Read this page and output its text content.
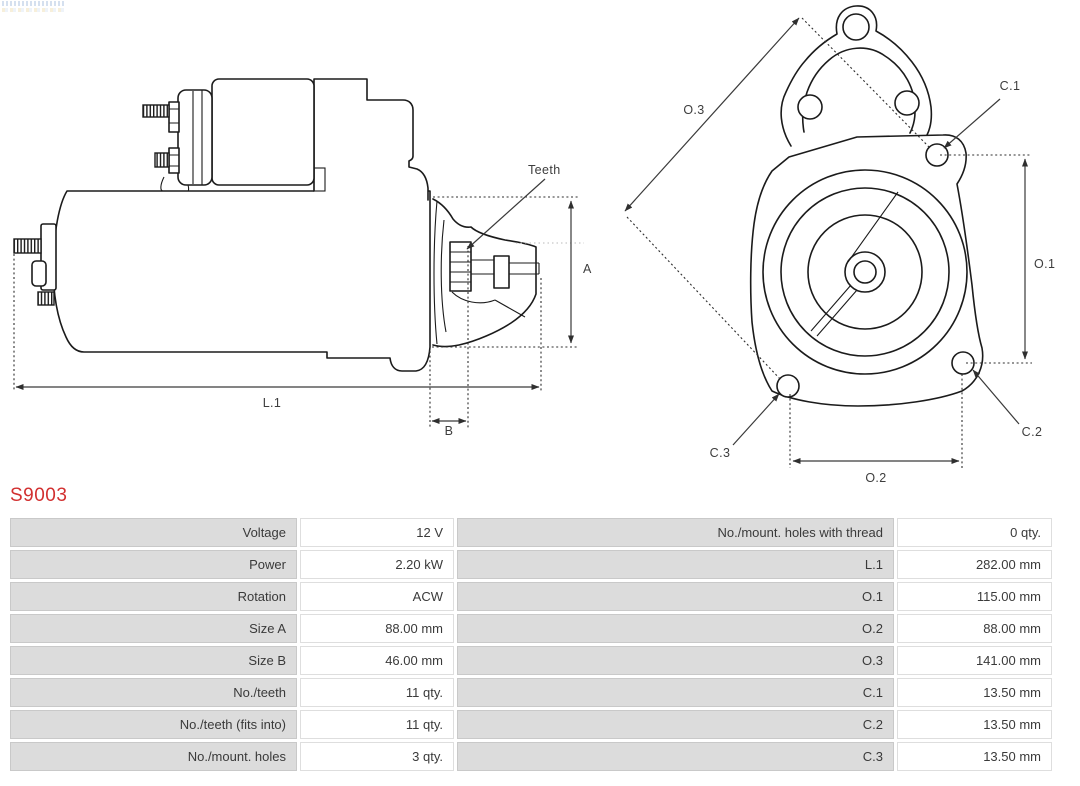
A
L.1
B
Teeth
O.3
C.1
O.1
O.2
C.2
C.3
S9003
Voltage	12 V	No./mount. holes with thread	0 qty.
Power	2.20 kW	L.1	282.00 mm
Rotation	ACW	O.1	115.00 mm
Size A	88.00 mm	O.2	88.00 mm
Size B	46.00 mm	O.3	141.00 mm
No./teeth	11 qty.	C.1	13.50 mm
No./teeth (fits into)	11 qty.	C.2	13.50 mm
No./mount. holes	3 qty.	C.3	13.50 mm
